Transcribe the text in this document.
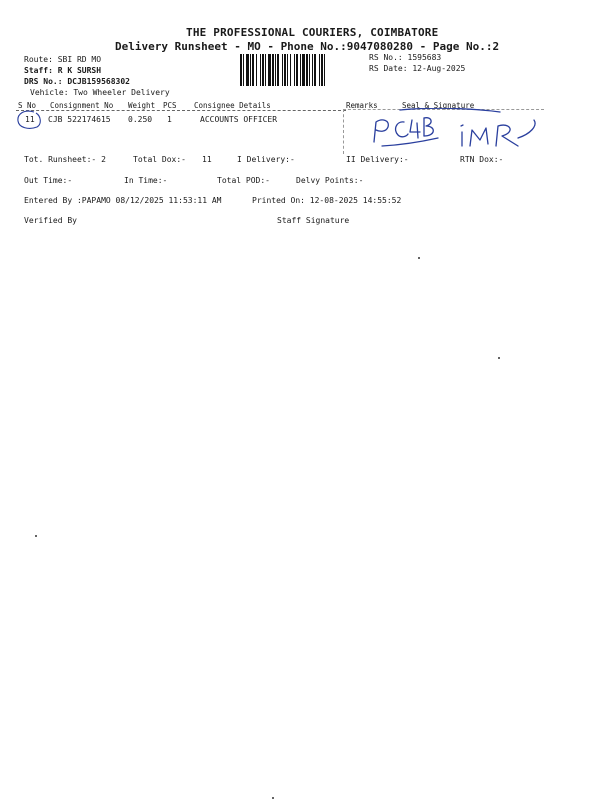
THE PROFESSIONAL COURIERS, COIMBATORE
Delivery Runsheet - MO - Phone No.:9047080280 - Page No.:2
Route: SBI RD MO
Staff: R K SURSH
DRS No.: DCJB159568302
Vehicle: Two Wheeler Delivery
RS No.: 1595683
RS Date: 12-Aug-2025
S No Consignment No Weight PCS Consignee Details	Remarks	Seal & Signature
11 CJB 522174615 0.250 1	ACCOUNTS OFFICER
Tot. Runsheet:- 2	Total Dox:- 11	I Delivery:-	II Delivery:-	RTN Dox:-
Out Time:-	In Time:-	Total POD:-	Delvy Points:-
Entered By :PAPAMO 08/12/2025 11:53:11 AM	Printed On: 12-08-2025 14:55:52
Verified By	Staff Signature
